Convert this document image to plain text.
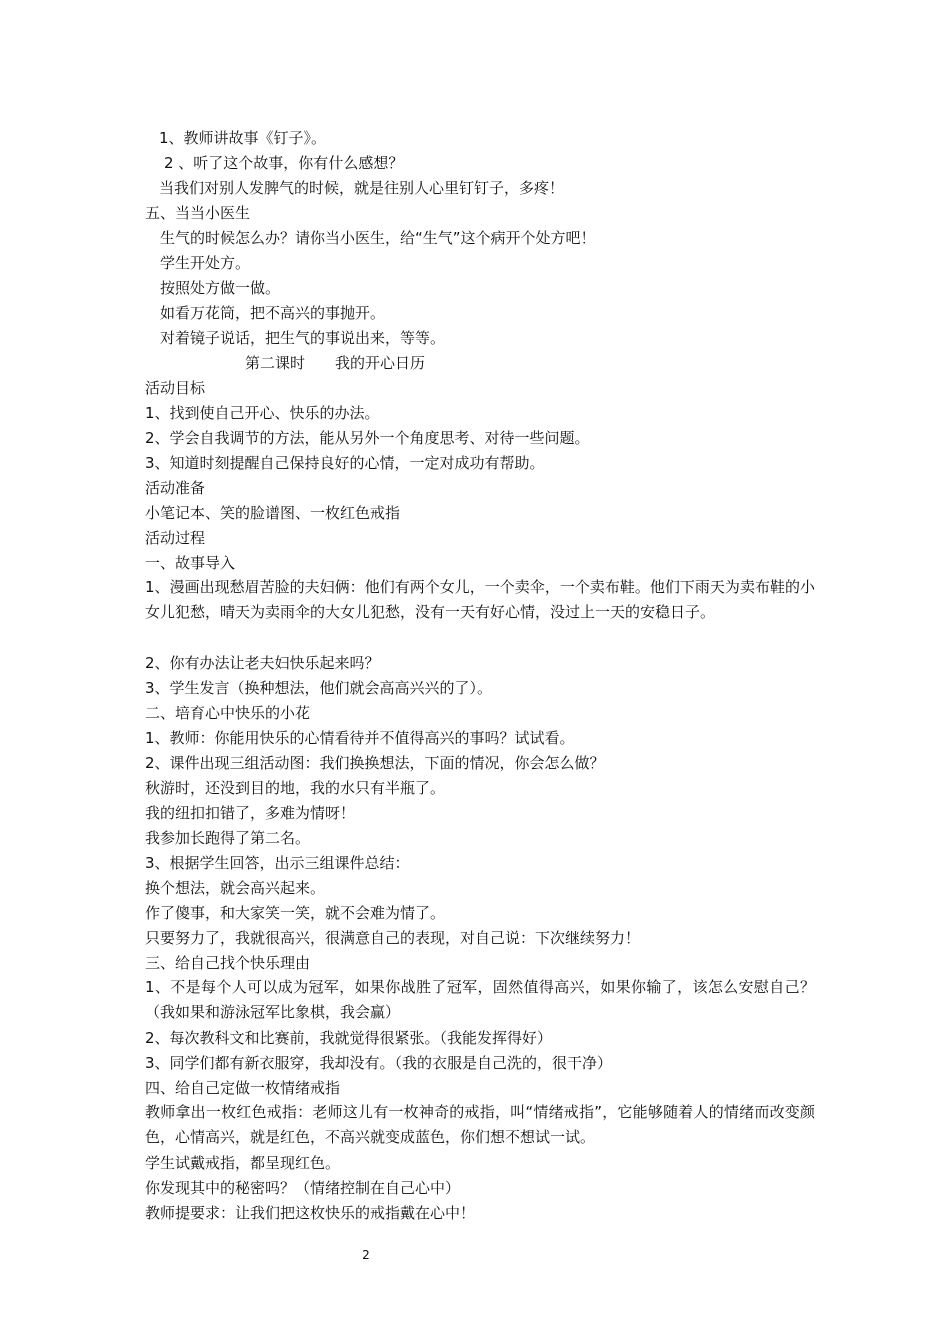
1、教师讲故事《钉子》。
2 、听了这个故事，你有什么感想？
当我们对别人发脾气的时候，就是往别人心里钉钉子，多疼！
五、当当小医生
生气的时候怎么办？请你当小医生，给“生气”这个病开个处方吧！
学生开处方。
按照处方做一做。
如看万花筒，把不高兴的事抛开。
对着镜子说话，把生气的事说出来，等等。
第二课时　　我的开心日历
活动目标
1、找到使自己开心、快乐的办法。
2、学会自我调节的方法，能从另外一个角度思考、对待一些问题。
3、知道时刻提醒自己保持良好的心情，一定对成功有帮助。
活动准备
小笔记本、笑的脸谱图、一枚红色戒指
活动过程
一、故事导入
1、漫画出现愁眉苦脸的夫妇俩：他们有两个女儿，一个卖伞，一个卖布鞋。他们下雨天为卖布鞋的小女儿犯愁，晴天为卖雨伞的大女儿犯愁，没有一天有好心情，没过上一天的安稳日子。
2、你有办法让老夫妇快乐起来吗？
3、学生发言（换种想法，他们就会高高兴兴的了）。
二、培育心中快乐的小花
1、教师：你能用快乐的心情看待并不值得高兴的事吗？试试看。
2、课件出现三组活动图：我们换换想法，下面的情况，你会怎么做？
秋游时，还没到目的地，我的水只有半瓶了。
我的纽扣扣错了，多难为情呀！
我参加长跑得了第二名。
3、根据学生回答，出示三组课件总结：
换个想法，就会高兴起来。
作了傻事，和大家笑一笑，就不会难为情了。
只要努力了，我就很高兴，很满意自己的表现，对自己说：下次继续努力！
三、给自己找个快乐理由
1、不是每个人可以成为冠军，如果你战胜了冠军，固然值得高兴，如果你输了，该怎么安慰自己？（我如果和游泳冠军比象棋，我会赢）
2、每次教科文和比赛前，我就觉得很紧张。（我能发挥得好）
3、同学们都有新衣服穿，我却没有。（我的衣服是自己洗的，很干净）
四、给自己定做一枚情绪戒指
教师拿出一枚红色戒指：老师这儿有一枚神奇的戒指，叫“情绪戒指”，它能够随着人的情绪而改变颜色，心情高兴，就是红色，不高兴就变成蓝色，你们想不想试一试。
学生试戴戒指，都呈现红色。
你发现其中的秘密吗？（情绪控制在自己心中）
教师提要求：让我们把这枚快乐的戒指戴在心中！
2
